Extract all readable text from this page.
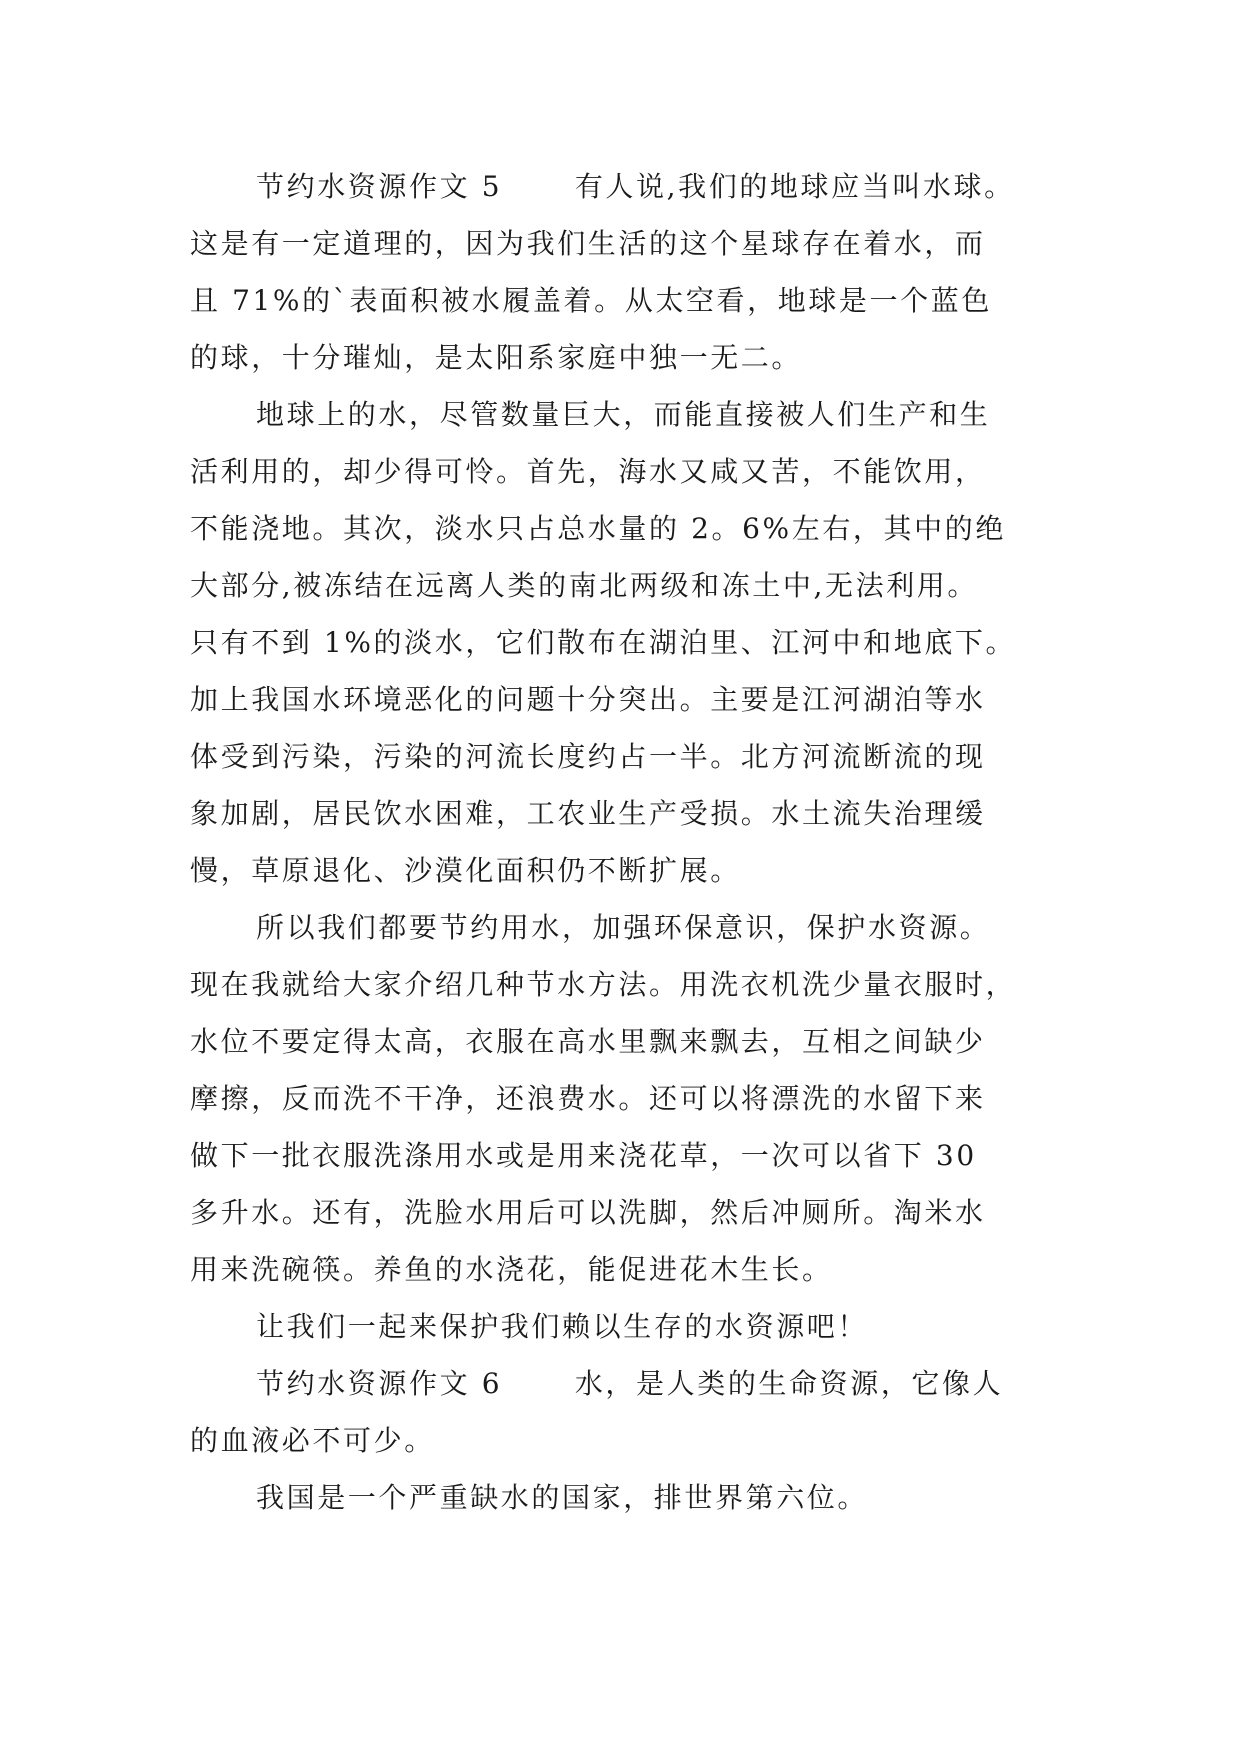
节约水资源作文 5 　　有人说,我们的地球应当叫水球。
这是有一定道理的，因为我们生活的这个星球存在着水，而
且 71%的`表面积被水履盖着。从太空看，地球是一个蓝色
的球，十分璀灿，是太阳系家庭中独一无二。
地球上的水，尽管数量巨大，而能直接被人们生产和生
活利用的，却少得可怜。首先，海水又咸又苦，不能饮用，
不能浇地。其次，淡水只占总水量的 2。6%左右，其中的绝
大部分,被冻结在远离人类的南北两级和冻土中,无法利用。
只有不到 1%的淡水，它们散布在湖泊里、江河中和地底下。
加上我国水环境恶化的问题十分突出。主要是江河湖泊等水
体受到污染，污染的河流长度约占一半。北方河流断流的现
象加剧，居民饮水困难，工农业生产受损。水土流失治理缓
慢，草原退化、沙漠化面积仍不断扩展。
所以我们都要节约用水，加强环保意识，保护水资源。
现在我就给大家介绍几种节水方法。用洗衣机洗少量衣服时，
水位不要定得太高，衣服在高水里飘来飘去，互相之间缺少
摩擦，反而洗不干净，还浪费水。还可以将漂洗的水留下来
做下一批衣服洗涤用水或是用来浇花草，一次可以省下 30
多升水。还有，洗脸水用后可以洗脚，然后冲厕所。淘米水
用来洗碗筷。养鱼的水浇花，能促进花木生长。
让我们一起来保护我们赖以生存的水资源吧！
节约水资源作文 6 　　水，是人类的生命资源，它像人
的血液必不可少。
我国是一个严重缺水的国家，排世界第六位。
